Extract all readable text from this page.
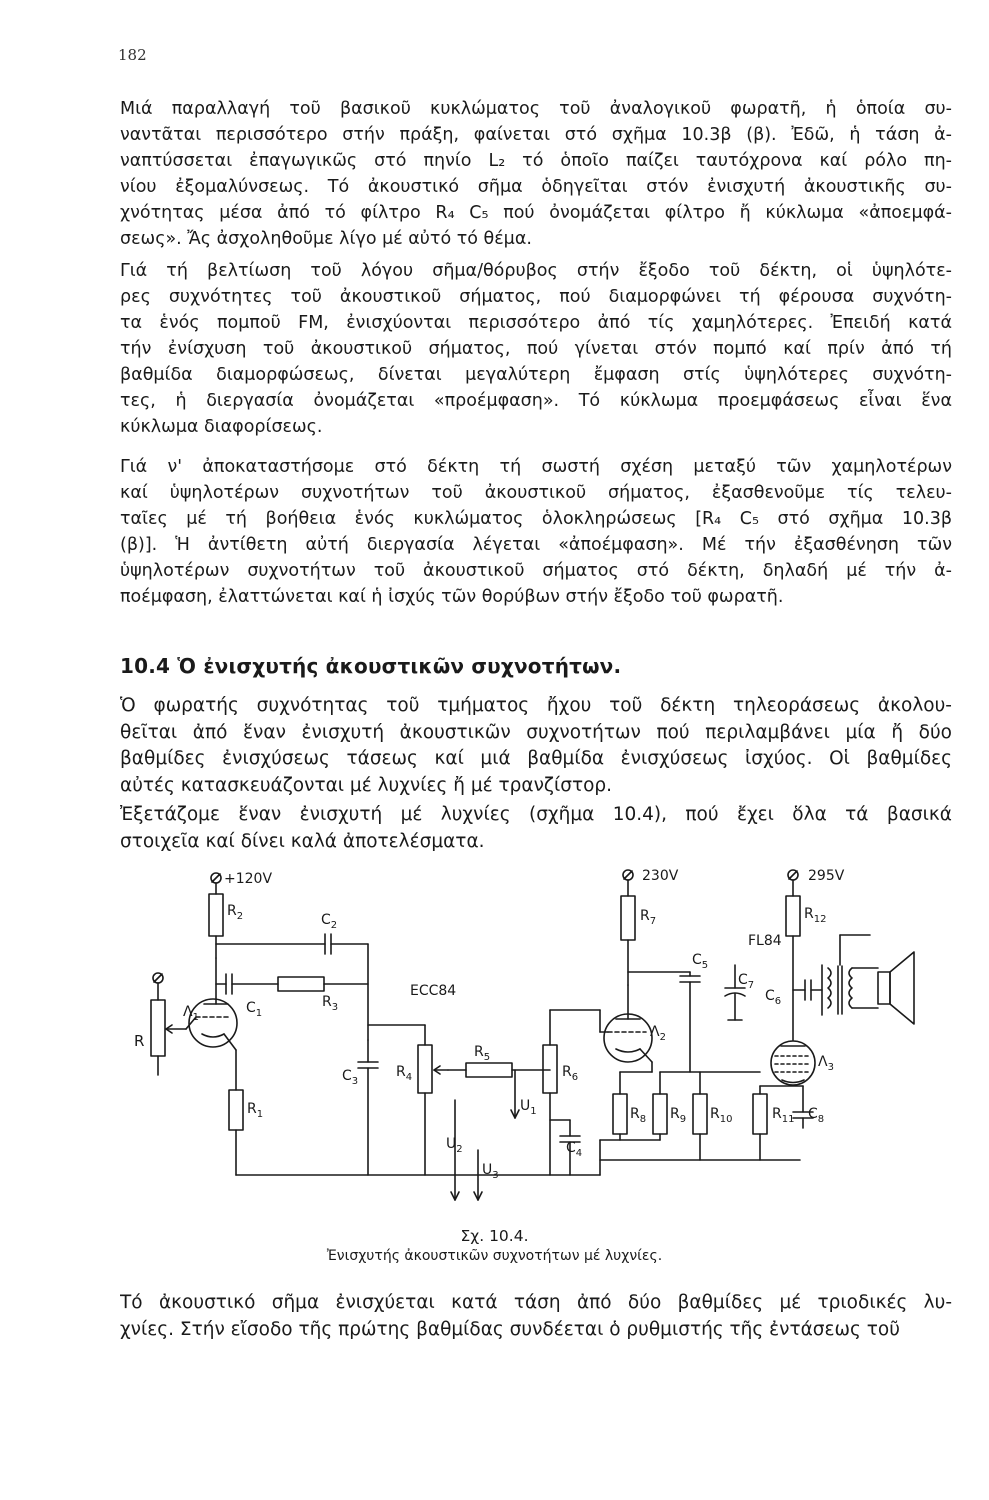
182
Μιά παραλλαγή τοῦ βασικοῦ κυκλώματος τοῦ ἀναλογικοῦ φωρατῆ, ἡ ὁποία συ-
ναντᾶται περισσότερο στήν πράξη, φαίνεται στό σχῆμα 10.3β (β). Ἐδῶ, ἡ τάση ἀ-
ναπτύσσεται ἐπαγωγικῶς στό πηνίο L₂ τό ὁποῖο παίζει ταυτόχρονα καί ρόλο πη-
νίου ἐξομαλύνσεως. Τό ἀκουστικό σῆμα ὁδηγεῖται στόν ἐνισχυτή ἀκουστικῆς συ-
χνότητας μέσα ἀπό τό φίλτρο R₄ C₅ πού ὀνομάζεται φίλτρο ἤ κύκλωμα «ἀποεμφά-
σεως». Ἄς ἀσχοληθοῦμε λίγο μέ αὐτό τό θέμα.
Γιά τή βελτίωση τοῦ λόγου σῆμα/θόρυβος στήν ἔξοδο τοῦ δέκτη, οἱ ὑψηλότε-
ρες συχνότητες τοῦ ἀκουστικοῦ σήματος, πού διαμορφώνει τή φέρουσα συχνότη-
τα ἑνός πομποῦ FM, ἐνισχύονται περισσότερο ἀπό τίς χαμηλότερες. Ἐπειδή κατά
τήν ἐνίσχυση τοῦ ἀκουστικοῦ σήματος, πού γίνεται στόν πομπό καί πρίν ἀπό τή
βαθμίδα διαμορφώσεως, δίνεται μεγαλύτερη ἔμφαση στίς ὑψηλότερες συχνότη-
τες, ἡ διεργασία ὀνομάζεται «προέμφαση». Τό κύκλωμα προεμφάσεως εἶναι ἕνα
κύκλωμα διαφορίσεως.
Γιά ν' ἀποκαταστήσομε στό δέκτη τή σωστή σχέση μεταξύ τῶν χαμηλοτέρων
καί ὑψηλοτέρων συχνοτήτων τοῦ ἀκουστικοῦ σήματος, ἐξασθενοῦμε τίς τελευ-
ταῖες μέ τή βοήθεια ἑνός κυκλώματος ὁλοκληρώσεως [R₄ C₅ στό σχῆμα 10.3β
(β)]. Ἡ ἀντίθετη αὐτή διεργασία λέγεται «ἀποέμφαση». Μέ τήν ἐξασθένηση τῶν
ὑψηλοτέρων συχνοτήτων τοῦ ἀκουστικοῦ σήματος στό δέκτη, δηλαδή μέ τήν ἀ-
ποέμφαση, ἐλαττώνεται καί ἡ ἰσχύς τῶν θορύβων στήν ἔξοδο τοῦ φωρατῆ.
10.4 Ὁ ἐνισχυτής ἀκουστικῶν συχνοτήτων.
Ὁ φωρατής συχνότητας τοῦ τμήματος ἤχου τοῦ δέκτη τηλεοράσεως ἀκολου-
θεῖται ἀπό ἕναν ἐνισχυτή ἀκουστικῶν συχνοτήτων πού περιλαμβάνει μία ἤ δύο
βαθμίδες ἐνισχύσεως τάσεως καί μιά βαθμίδα ἐνισχύσεως ἰσχύος. Οἱ βαθμίδες
αὐτές κατασκευάζονται μέ λυχνίες ἤ μέ τρανζίστορ.
Ἐξετάζομε ἕναν ἐνισχυτή μέ λυχνίες (σχῆμα 10.4), πού ἔχει ὅλα τά βασικά
στοιχεῖα καί δίνει καλά ἀποτελέσματα.
+120V	230V	295V
R
$\Lambda_1$
$R_1$
$R_2$	$C_2$
$C_1$
$R_3$
ECC84
$C_3$
$R_4$
$R_5$
$R_6$
$U_1$
$U_2$
$U_3$
$C_4$
$\Lambda_2$
$R_7$
$C_5$
$R_8$ $R_9$ $R_{10}$	$R_{11}$ $C_8$
$C_7$
$C_6$
$R_{12}$
FL84
$\Lambda_3$
Σχ. 10.4.
Ἐνισχυτής ἀκουστικῶν συχνοτήτων μέ λυχνίες.
Τό ἀκουστικό σῆμα ἐνισχύεται κατά τάση ἀπό δύο βαθμίδες μέ τριοδικές λυ-
χνίες. Στήν εἴσοδο τῆς πρώτης βαθμίδας συνδέεται ὁ ρυθμιστής τῆς ἐντάσεως τοῦ
